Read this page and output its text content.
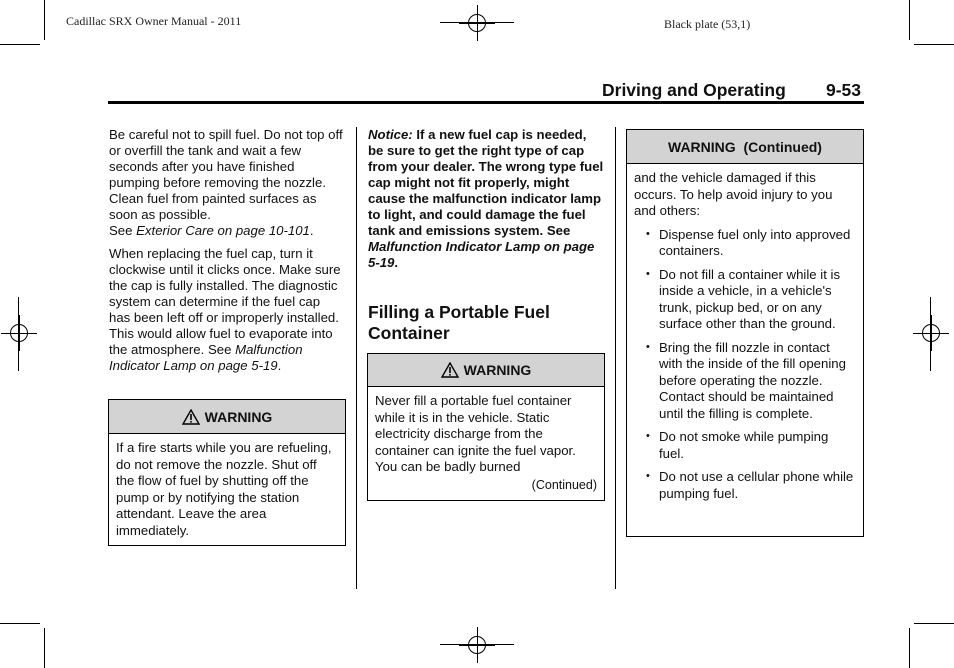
Cadillac SRX Owner Manual - 2011	Black plate (53,1)
Driving and Operating 9-53

Be careful not to spill fuel. Do not top off or overfill the tank and wait a few seconds after you have finished pumping before removing the nozzle. Clean fuel from painted surfaces as soon as possible.
See Exterior Care on page 10-101.

When replacing the fuel cap, turn it clockwise until it clicks once. Make sure the cap is fully installed. The diagnostic system can determine if the fuel cap has been left off or improperly installed. This would allow fuel to evaporate into the atmosphere. See Malfunction Indicator Lamp on page 5-19.

WARNING
If a fire starts while you are refueling, do not remove the nozzle. Shut off the flow of fuel by shutting off the pump or by notifying the station attendant. Leave the area immediately.

Notice: If a new fuel cap is needed, be sure to get the right type of cap from your dealer. The wrong type fuel cap might not fit properly, might cause the malfunction indicator lamp to light, and could damage the fuel tank and emissions system. See Malfunction Indicator Lamp on page 5-19.

Filling a Portable Fuel Container
WARNING
Never fill a portable fuel container while it is in the vehicle. Static electricity discharge from the container can ignite the fuel vapor. You can be badly burned
(Continued)
WARNING  (Continued)
and the vehicle damaged if this occurs. To help avoid injury to you and others:
• Dispense fuel only into approved containers.
• Do not fill a container while it is inside a vehicle, in a vehicle's trunk, pickup bed, or on any surface other than the ground.
• Bring the fill nozzle in contact with the inside of the fill opening before operating the nozzle. Contact should be maintained until the filling is complete.
• Do not smoke while pumping fuel.
• Do not use a cellular phone while pumping fuel.
